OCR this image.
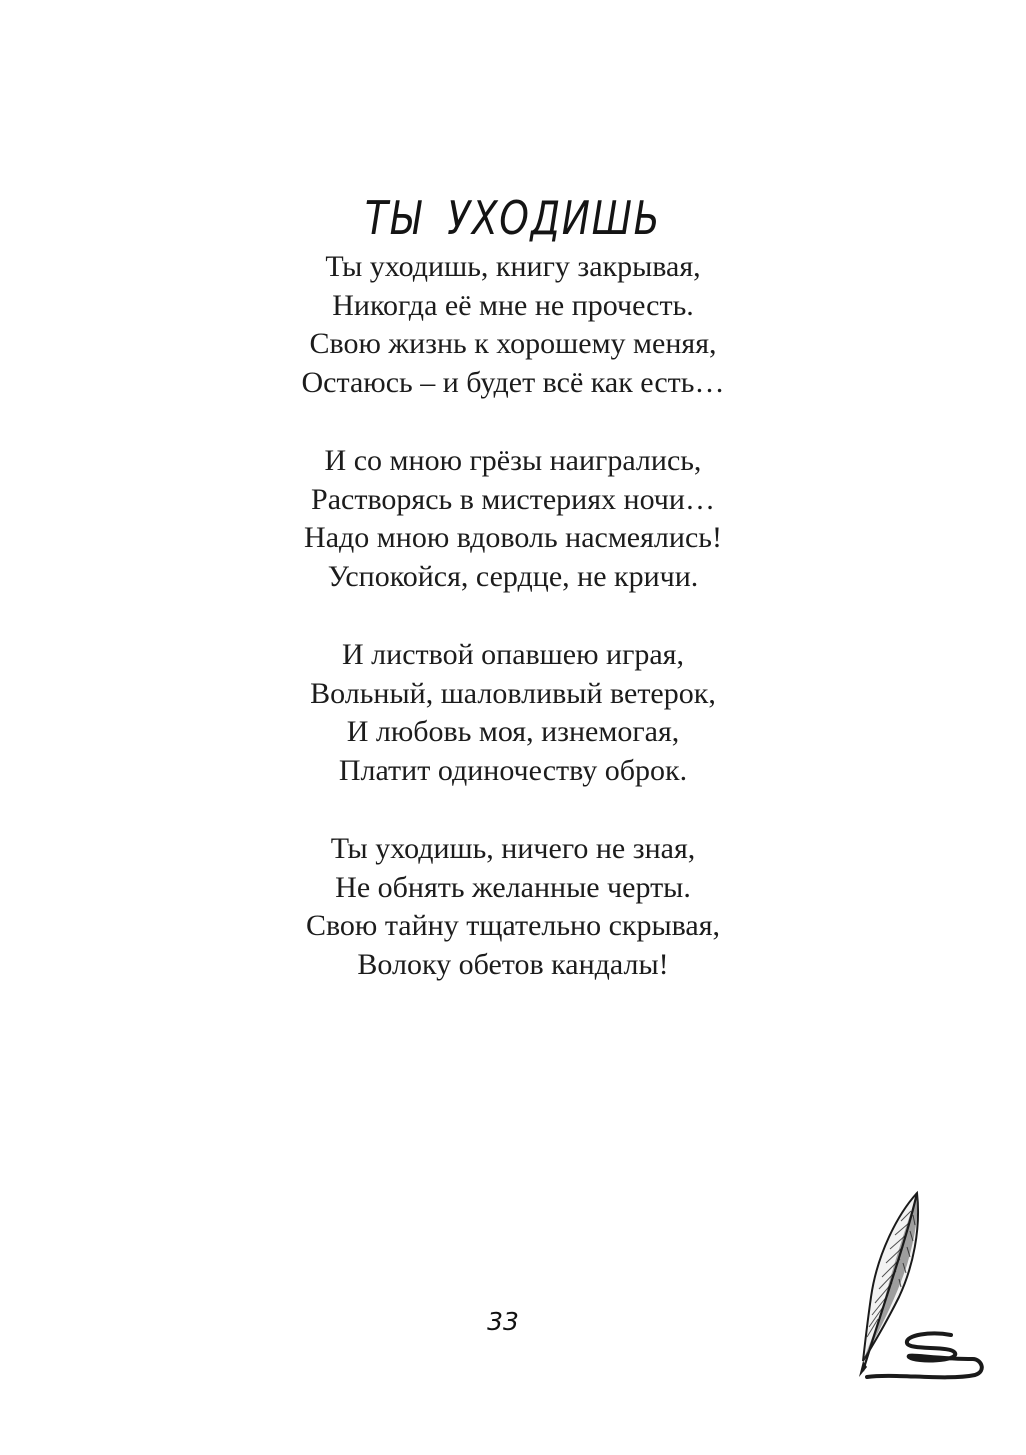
ТЫ УХОДИШЬ
Ты уходишь, книгу закрывая,
Никогда её мне не прочесть.
Свою жизнь к хорошему меняя,
Остаюсь – и будет всё как есть…
И со мною грёзы наигрались,
Растворясь в мистериях ночи…
Надо мною вдоволь насмеялись!
Успокойся, сердце, не кричи.
И листвой опавшею играя,
Вольный, шаловливый ветерок,
И любовь моя, изнемогая,
Платит одиночеству оброк.
Ты уходишь, ничего не зная,
Не обнять желанные черты.
Свою тайну тщательно скрывая,
Волоку обетов кандалы!
33
